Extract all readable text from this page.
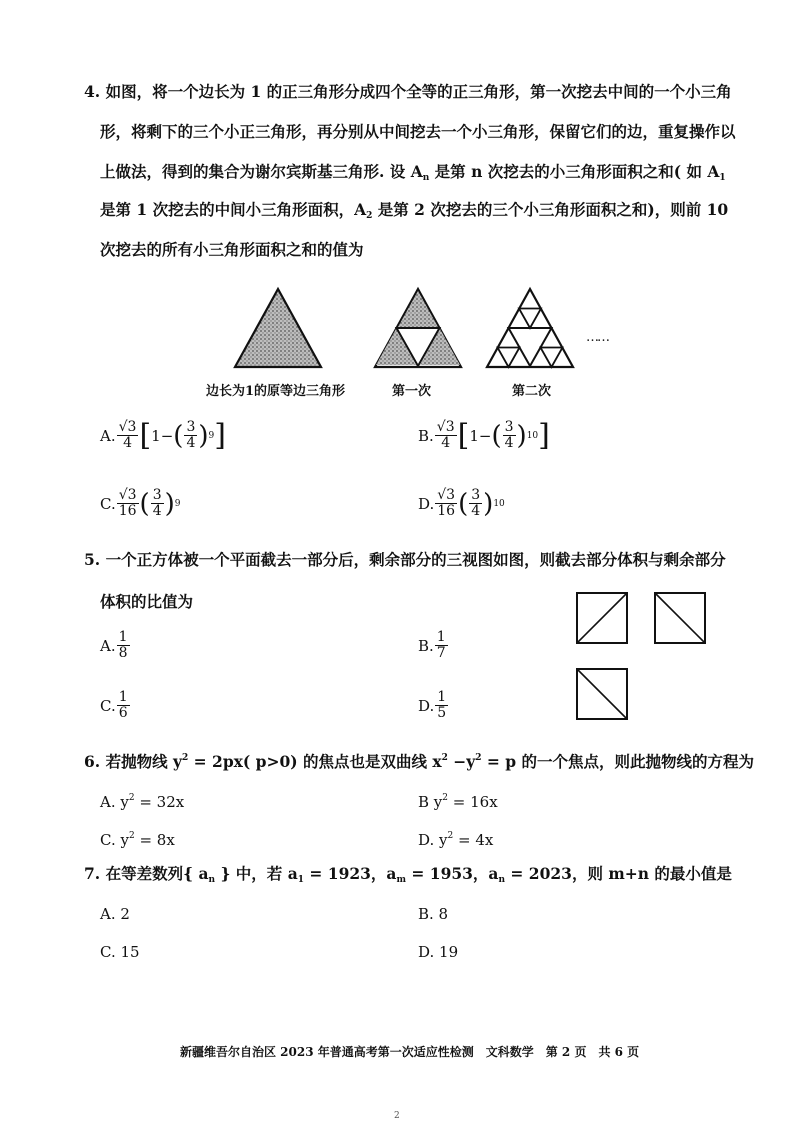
4. 如图，将一个边长为 1 的正三角形分成四个全等的正三角形，第一次挖去中间的一个小三角
形，将剩下的三个小正三角形，再分别从中间挖去一个小三角形，保留它们的边，重复操作以
上做法，得到的集合为谢尔宾斯基三角形. 设 $A_n$ 是第 n 次挖去的小三角形面积之和( 如 $A_1$
是第 1 次挖去的中间小三角形面积，$A_2$ 是第 2 次挖去的三个小三角形面积之和)，则前 10
次挖去的所有小三角形面积之和的值为
……
边长为1的原等边三角形	第一次	第二次
A. $\frac{√3}{4}$ [ 1− ( $\frac{3}{4}$ ) 9 ]	B. $\frac{√3}{4}$ [ 1− ( $\frac{3}{4}$ ) 10 ]
C. $\frac{√3}{16}$ ( $\frac{3}{4}$ ) 9	D. $\frac{√3}{16}$ ( $\frac{3}{4}$ ) 10
5. 一个正方体被一个平面截去一部分后，剩余部分的三视图如图，则截去部分体积与剩余部分
体积的比值为
A. $\frac{1}{8}$	B. $\frac{1}{7}$
C. $\frac{1}{6}$	D. $\frac{1}{5}$
6. 若抛物线 $y^2 = 2px$( p>0) 的焦点也是双曲线 $x^2 -y^2 = p$ 的一个焦点，则此抛物线的方程为
A. $y^2 = 32x$	B $y^2 = 16x$
C. $y^2 = 8x$	D. $y^2 = 4x$
7. 在等差数列{ $a_n$ } 中，若 $a_1 = 1923$，$a_m = 1953$，$a_n = 2023$，则 m+n 的最小值是
A. 2	B. 8
C. 15	D. 19
新疆维吾尔自治区 2023 年普通高考第一次适应性检测　文科数学　第 2 页　共 6 页
2
